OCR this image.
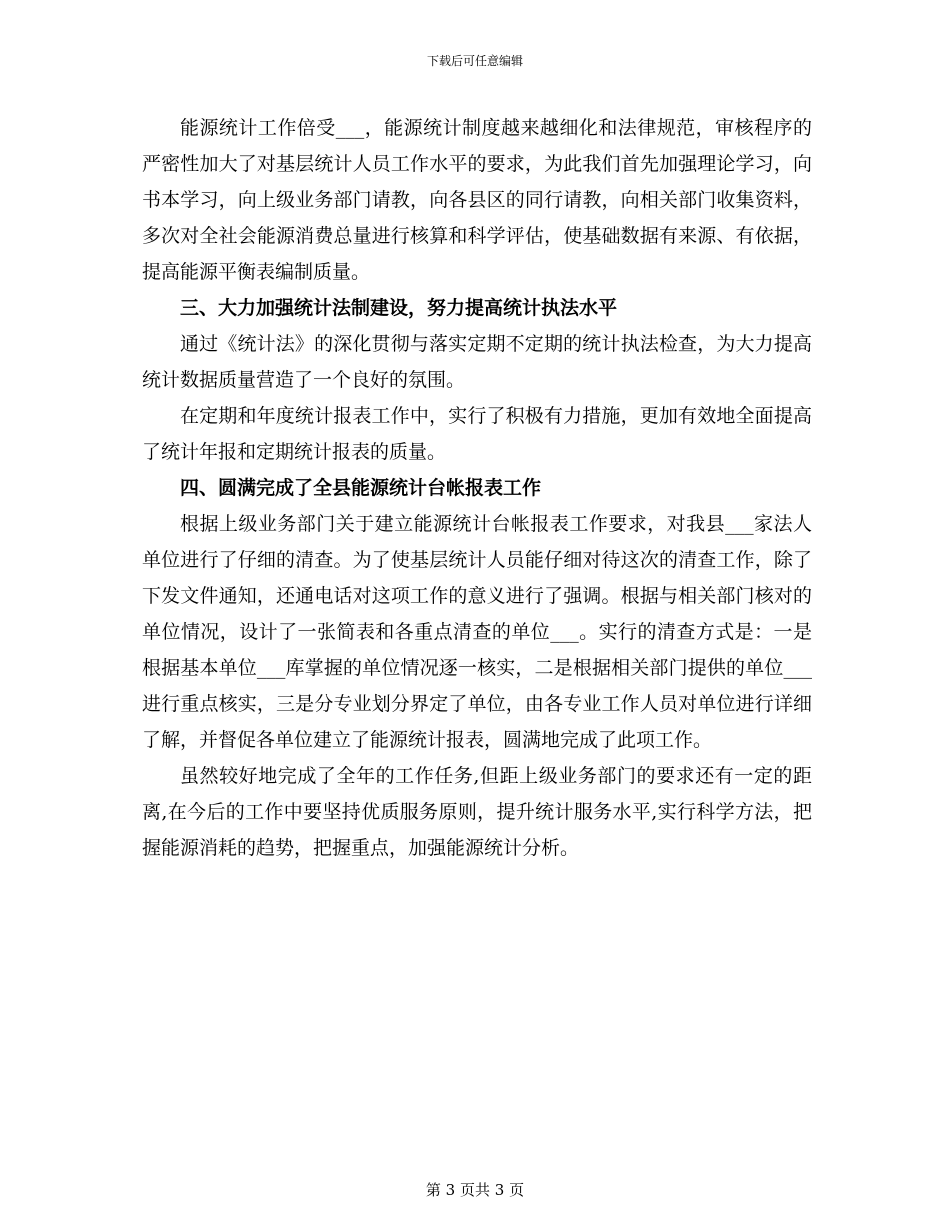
下载后可任意编辑

能源统计工作倍受___，能源统计制度越来越细化和法律规范，审核程序的严密性加大了对基层统计人员工作水平的要求，为此我们首先加强理论学习，向书本学习，向上级业务部门请教，向各县区的同行请教，向相关部门收集资料，多次对全社会能源消费总量进行核算和科学评估，使基础数据有来源、有依据，提高能源平衡表编制质量。

三、大力加强统计法制建设，努力提高统计执法水平

通过《统计法》的深化贯彻与落实定期不定期的统计执法检查，为大力提高统计数据质量营造了一个良好的氛围。

在定期和年度统计报表工作中，实行了积极有力措施，更加有效地全面提高了统计年报和定期统计报表的质量。

四、圆满完成了全县能源统计台帐报表工作

根据上级业务部门关于建立能源统计台帐报表工作要求，对我县___家法人单位进行了仔细的清查。为了使基层统计人员能仔细对待这次的清查工作，除了下发文件通知，还通电话对这项工作的意义进行了强调。根据与相关部门核对的单位情况，设计了一张简表和各重点清查的单位___。实行的清查方式是：一是根据基本单位___库掌握的单位情况逐一核实，二是根据相关部门提供的单位___进行重点核实，三是分专业划分界定了单位，由各专业工作人员对单位进行详细了解，并督促各单位建立了能源统计报表，圆满地完成了此项工作。

虽然较好地完成了全年的工作任务,但距上级业务部门的要求还有一定的距离,在今后的工作中要坚持优质服务原则，提升统计服务水平,实行科学方法，把握能源消耗的趋势，把握重点，加强能源统计分析。

第 3 页共 3 页
